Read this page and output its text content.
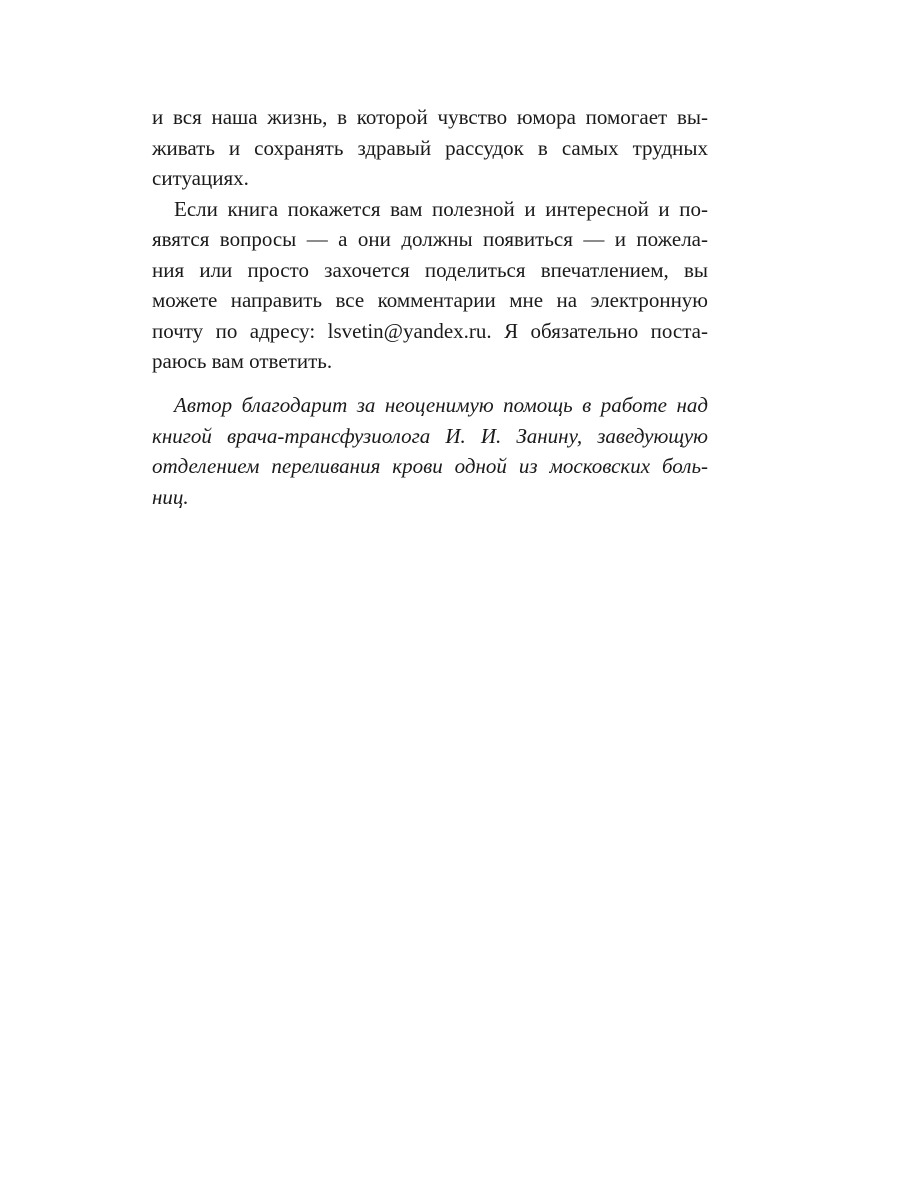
и вся наша жизнь, в которой чувство юмора помогает вы-
живать и сохранять здравый рассудок в самых трудных
ситуациях.
Если книга покажется вам полезной и интересной и по-
явятся вопросы — а они должны появиться — и пожела-
ния или просто захочется поделиться впечатлением, вы
можете направить все комментарии мне на электронную
почту по адресу: lsvetin@yandex.ru. Я обязательно поста-
раюсь вам ответить.
Автор благодарит за неоценимую помощь в работе над
книгой врача-трансфузиолога И. И. Занину, заведующую
отделением переливания крови одной из московских боль-
ниц.
